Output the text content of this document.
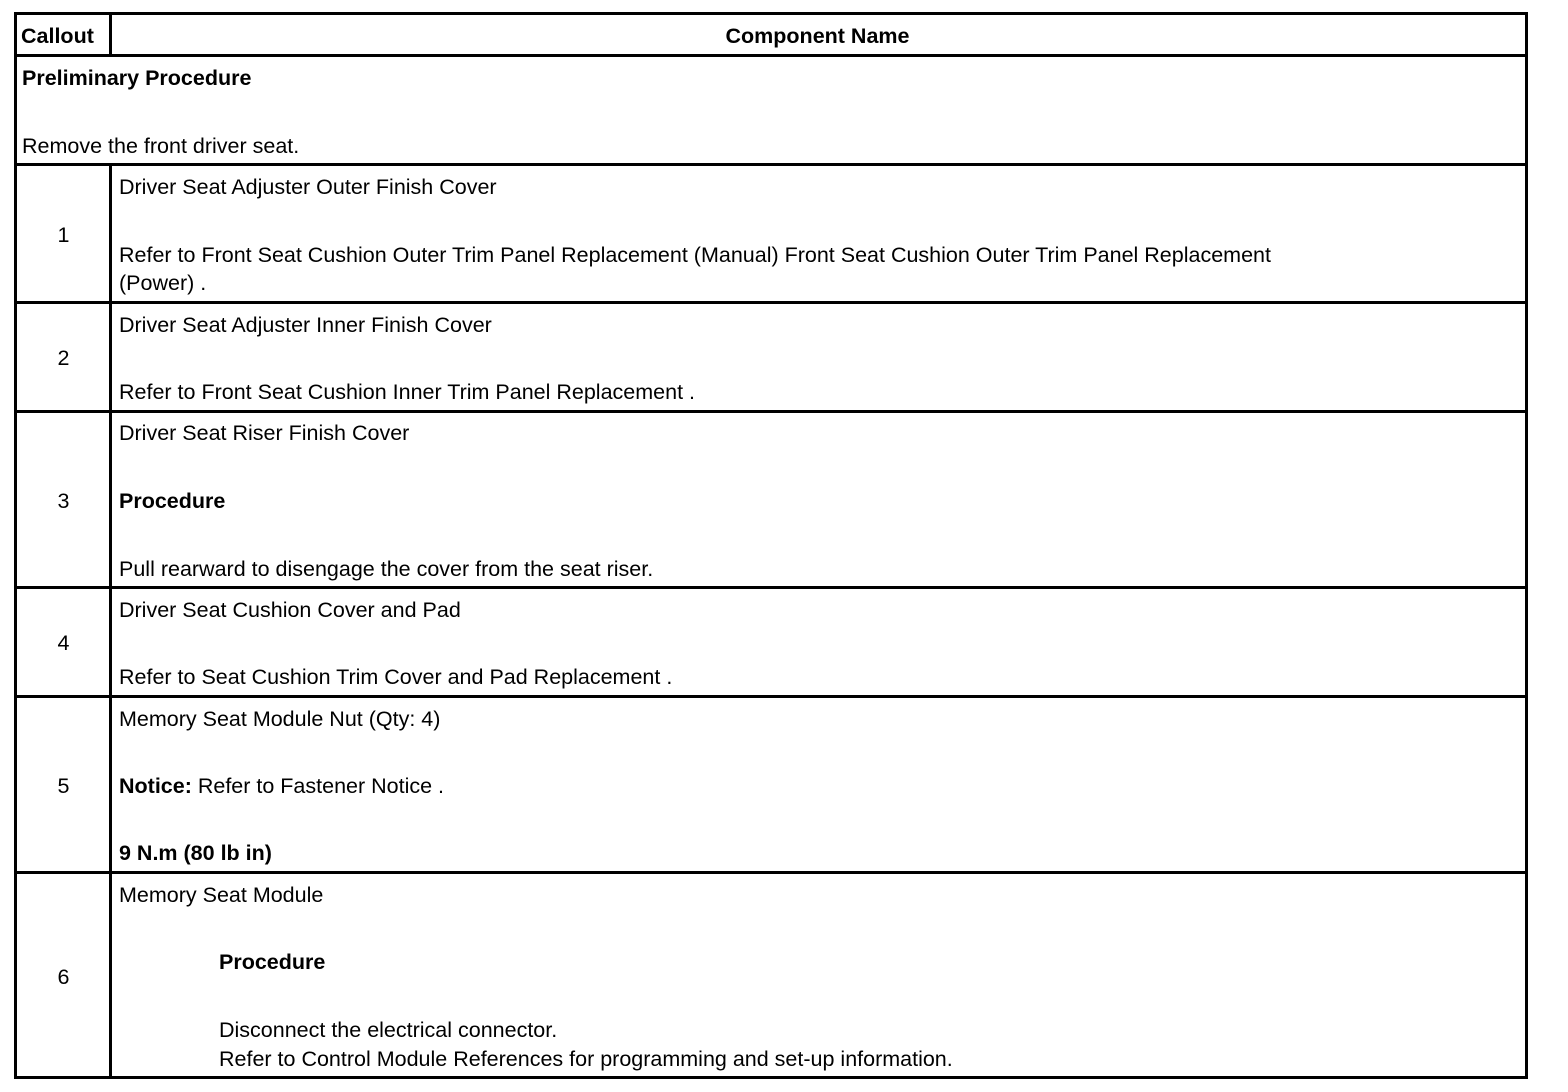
Callout	Component Name
Preliminary Procedure
Remove the front driver seat.
1
Driver Seat Adjuster Outer Finish Cover
Refer to Front Seat Cushion Outer Trim Panel Replacement (Manual) Front Seat Cushion Outer Trim Panel Replacement
(Power) .
2
Driver Seat Adjuster Inner Finish Cover
Refer to Front Seat Cushion Inner Trim Panel Replacement .
3
Driver Seat Riser Finish Cover
Procedure
Pull rearward to disengage the cover from the seat riser.
4
Driver Seat Cushion Cover and Pad
Refer to Seat Cushion Trim Cover and Pad Replacement .
5
Memory Seat Module Nut (Qty: 4)
Notice: Refer to Fastener Notice .
9 N.m (80 lb in)
6
Memory Seat Module
Procedure
Disconnect the electrical connector.
Refer to Control Module References for programming and set-up information.
